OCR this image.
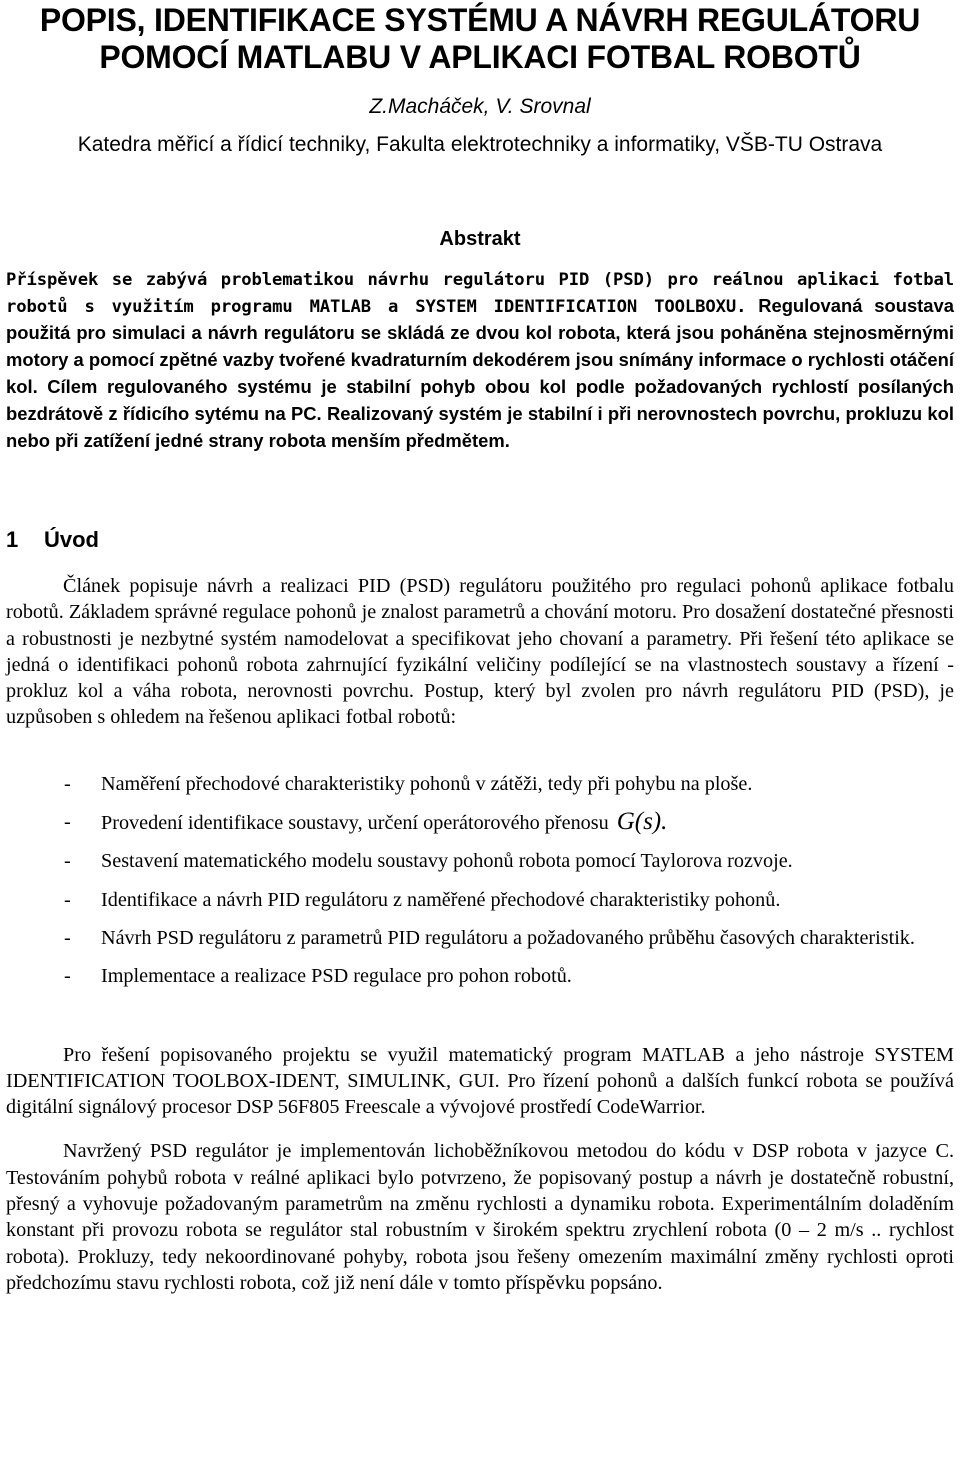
POPIS, IDENTIFIKACE SYSTÉMU A NÁVRH REGULÁTORU
POMOCÍ MATLABU V APLIKACI FOTBAL ROBOTŮ
Z.Macháček, V. Srovnal
Katedra měřicí a řídicí techniky, Fakulta elektrotechniky a informatiky, VŠB-TU Ostrava
Abstrakt

Příspěvek se zabývá problematikou návrhu regulátoru PID (PSD) pro reálnou aplikaci fotbal robotů s využitím programu MATLAB a SYSTEM IDENTIFICATION TOOLBOXU. Regulovaná soustava použitá pro simulaci a návrh regulátoru se skládá ze dvou kol robota, která jsou poháněna stejnosměrnými motory a pomocí zpětné vazby tvořené kvadraturním dekodérem jsou snímány informace o rychlosti otáčení kol. Cílem regulovaného systému je stabilní pohyb obou kol podle požadovaných rychlostí posílaných bezdrátově z řídicího sytému na PC. Realizovaný systém je stabilní i při nerovnostech povrchu, prokluzu kol nebo při zatížení jedné strany robota menším předmětem.

1 Úvod

Článek popisuje návrh a realizaci PID (PSD) regulátoru použitého pro regulaci pohonů aplikace fotbalu robotů. Základem správné regulace pohonů je znalost parametrů a chování motoru. Pro dosažení dostatečné přesnosti a robustnosti je nezbytné systém namodelovat a specifikovat jeho chovaní a parametry. Při řešení této aplikace se jedná o identifikaci pohonů robota zahrnující fyzikální veličiny podílející se na vlastnostech soustavy a řízení - prokluz kol a váha robota, nerovnosti povrchu. Postup, který byl zvolen pro návrh regulátoru PID (PSD), je uzpůsoben s ohledem na řešenou aplikaci fotbal robotů:

- Naměření přechodové charakteristiky pohonů v zátěži, tedy při pohybu na ploše.
- Provedení identifikace soustavy, určení operátorového přenosu G(s).
- Sestavení matematického modelu soustavy pohonů robota pomocí Taylorova rozvoje.
- Identifikace a návrh PID regulátoru z naměřené přechodové charakteristiky pohonů.
- Návrh PSD regulátoru z parametrů PID regulátoru a požadovaného průběhu časových charakteristik.
- Implementace a realizace PSD regulace pro pohon robotů.

Pro řešení popisovaného projektu se využil matematický program MATLAB a jeho nástroje SYSTEM IDENTIFICATION TOOLBOX-IDENT, SIMULINK, GUI. Pro řízení pohonů a dalších funkcí robota se používá digitální signálový procesor DSP 56F805 Freescale a vývojové prostředí CodeWarrior.

Navržený PSD regulátor je implementován lichoběžníkovou metodou do kódu v DSP robota v jazyce C. Testováním pohybů robota v reálné aplikaci bylo potvrzeno, že popisovaný postup a návrh je dostatečně robustní, přesný a vyhovuje požadovaným parametrům na změnu rychlosti a dynamiku robota. Experimentálním doladěním konstant při provozu robota se regulátor stal robustním v širokém spektru zrychlení robota (0 – 2 m/s .. rychlost robota). Prokluzy, tedy nekoordinované pohyby, robota jsou řešeny omezením maximální změny rychlosti oproti předchozímu stavu rychlosti robota, což již není dále v tomto příspěvku popsáno.
